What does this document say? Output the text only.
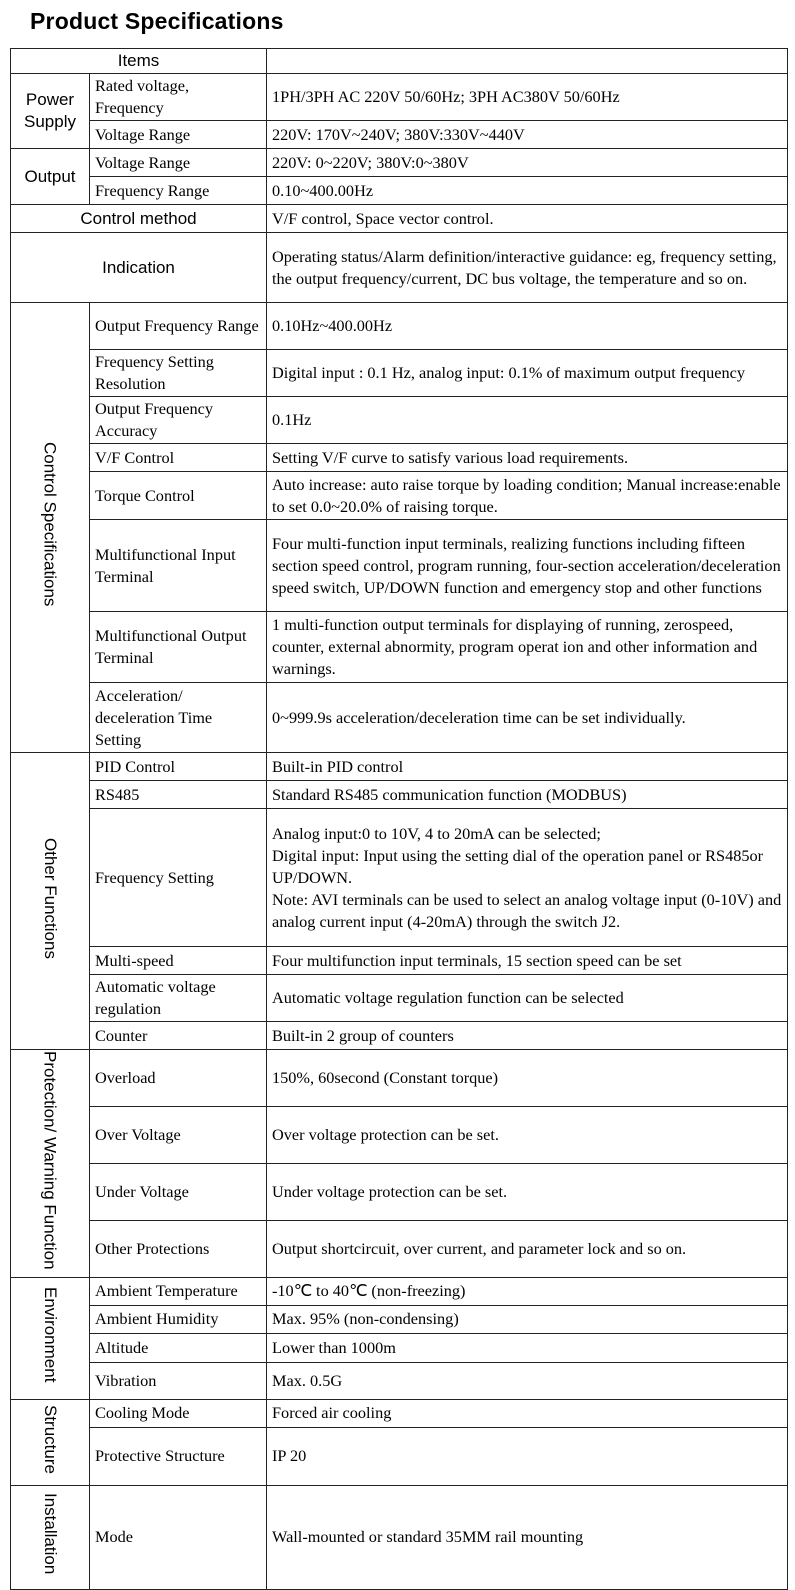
Product Specifications
Items		
Power Supply	Rated voltage, Frequency	1PH/3PH AC 220V 50/60Hz; 3PH AC380V 50/60Hz
	Voltage Range	220V: 170V~240V; 380V:330V~440V
Output	Voltage Range	220V: 0~220V; 380V:0~380V
	Frequency Range	0.10~400.00Hz
Control method		V/F control, Space vector control.
Indication		Operating status/Alarm definition/interactive guidance: eg, frequency setting, the output frequency/current, DC bus voltage, the temperature and so on.
Control Specifications	Output Frequency Range	0.10Hz~400.00Hz
	Frequency Setting Resolution	Digital input : 0.1 Hz, analog input: 0.1% of maximum output frequency
	Output Frequency Accuracy	0.1Hz
	V/F Control	Setting V/F curve to satisfy various load requirements.
	Torque Control	Auto increase: auto raise torque by loading condition; Manual increase:enable to set 0.0~20.0% of raising torque.
	Multifunctional Input Terminal	Four multi-function input terminals, realizing functions including fifteen section speed control, program running, four-section acceleration/deceleration speed switch, UP/DOWN function and emergency stop and other functions
	Multifunctional Output Terminal	1 multi-function output terminals for displaying of running, zerospeed, counter, external abnormity, program operat ion and other information and warnings.
	Acceleration/ deceleration Time Setting	0~999.9s acceleration/deceleration time can be set individually.
Other Functions	PID Control	Built-in PID control
	RS485	Standard RS485 communication function (MODBUS)
	Frequency Setting	Analog input:0 to 10V, 4 to 20mA can be selected;
Digital input: Input using the setting dial of the operation panel or RS485or UP/DOWN.
Note: AVI terminals can be used to select an analog voltage input (0-10V) and analog current input (4-20mA) through the switch J2.
	Multi-speed	Four multifunction input terminals, 15 section speed can be set
	Automatic voltage regulation	Automatic voltage regulation function can be selected
	Counter	Built-in 2 group of counters
Protection/ Warning Function	Overload	150%, 60second (Constant torque)
	Over Voltage	Over voltage protection can be set.
	Under Voltage	Under voltage protection can be set.
	Other Protections	Output shortcircuit, over current, and parameter lock and so on.
Environment	Ambient Temperature	-10℃ to 40℃ (non-freezing)
	Ambient Humidity	Max. 95% (non-condensing)
	Altitude	Lower than 1000m
	Vibration	Max. 0.5G
Structure	Cooling Mode	Forced air cooling
	Protective Structure	IP 20
Installation	Mode	Wall-mounted or standard 35MM rail mounting
